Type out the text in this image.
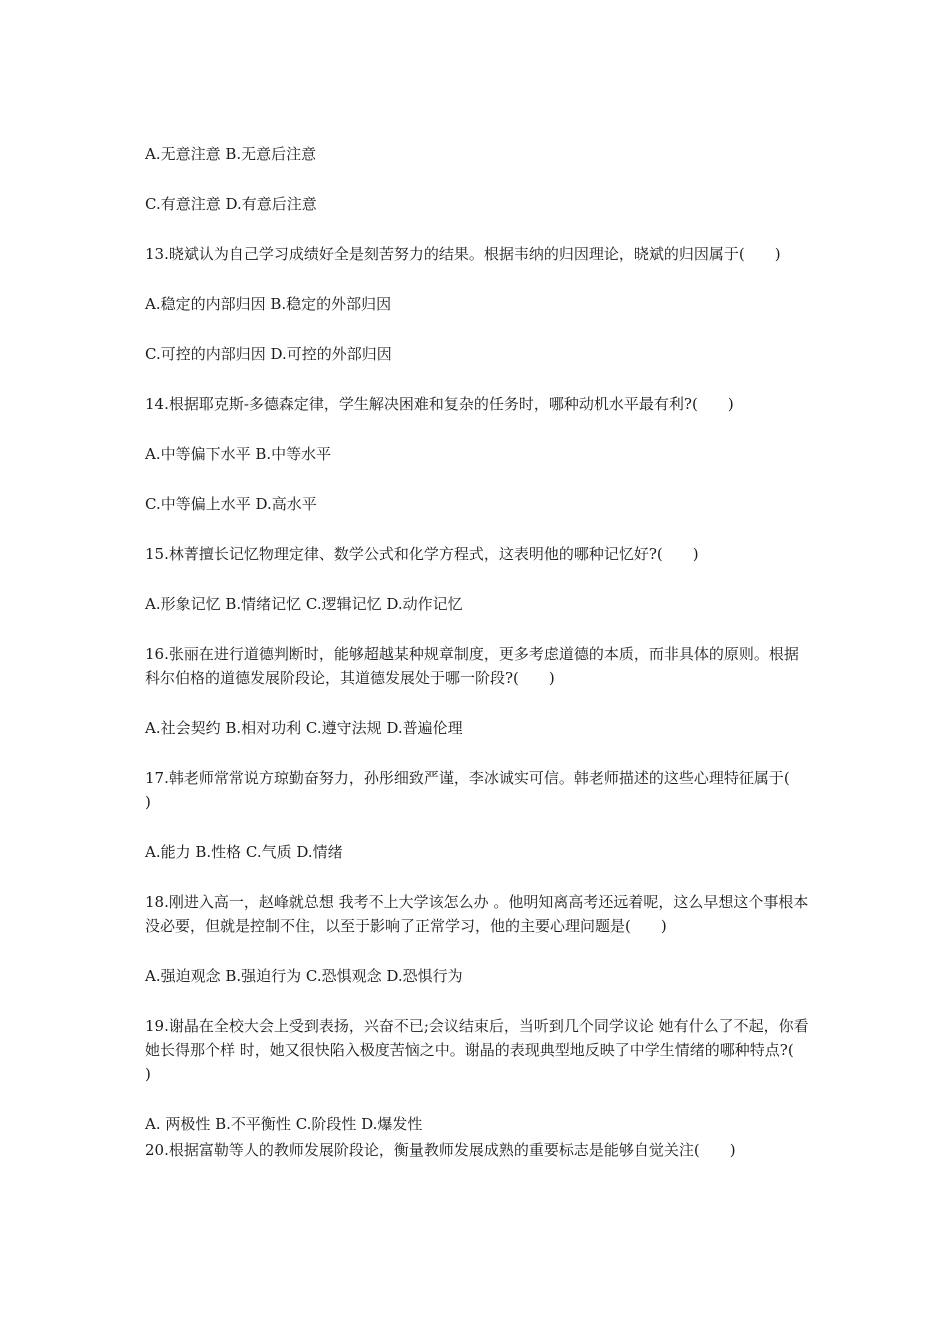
A.无意注意 B.无意后注意

C.有意注意 D.有意后注意

13.晓斌认为自己学习成绩好全是刻苦努力的结果。根据韦纳的归因理论，晓斌的归因属于(　　)

A.稳定的内部归因 B.稳定的外部归因

C.可控的内部归因 D.可控的外部归因

14.根据耶克斯-多德森定律，学生解决困难和复杂的任务时，哪种动机水平最有利?(　　)

A.中等偏下水平 B.中等水平

C.中等偏上水平 D.高水平

15.林菁擅长记忆物理定律、数学公式和化学方程式，这表明他的哪种记忆好?(　　)

A.形象记忆 B.情绪记忆 C.逻辑记忆 D.动作记忆

16.张丽在进行道德判断时，能够超越某种规章制度，更多考虑道德的本质，而非具体的原则。根据科尔伯格的道德发展阶段论，其道德发展处于哪一阶段?(　　)

A.社会契约 B.相对功利 C.遵守法规 D.普遍伦理

17.韩老师常常说方琼勤奋努力，孙彤细致严谨，李冰诚实可信。韩老师描述的这些心理特征属于(　　)

A.能力 B.性格 C.气质 D.情绪

18.刚进入高一，赵峰就总想 我考不上大学该怎么办 。他明知离高考还远着呢，这么早想这个事根本没必要，但就是控制不住，以至于影响了正常学习，他的主要心理问题是(　　)

A.强迫观念 B.强迫行为 C.恐惧观念 D.恐惧行为

19.谢晶在全校大会上受到表扬，兴奋不已;会议结束后，当听到几个同学议论 她有什么了不起，你看她长得那个样 时，她又很快陷入极度苦恼之中。谢晶的表现典型地反映了中学生情绪的哪种特点?(　　)

A. 两极性 B.不平衡性 C.阶段性 D.爆发性

20.根据富勒等人的教师发展阶段论，衡量教师发展成熟的重要标志是能够自觉关注(　　)
